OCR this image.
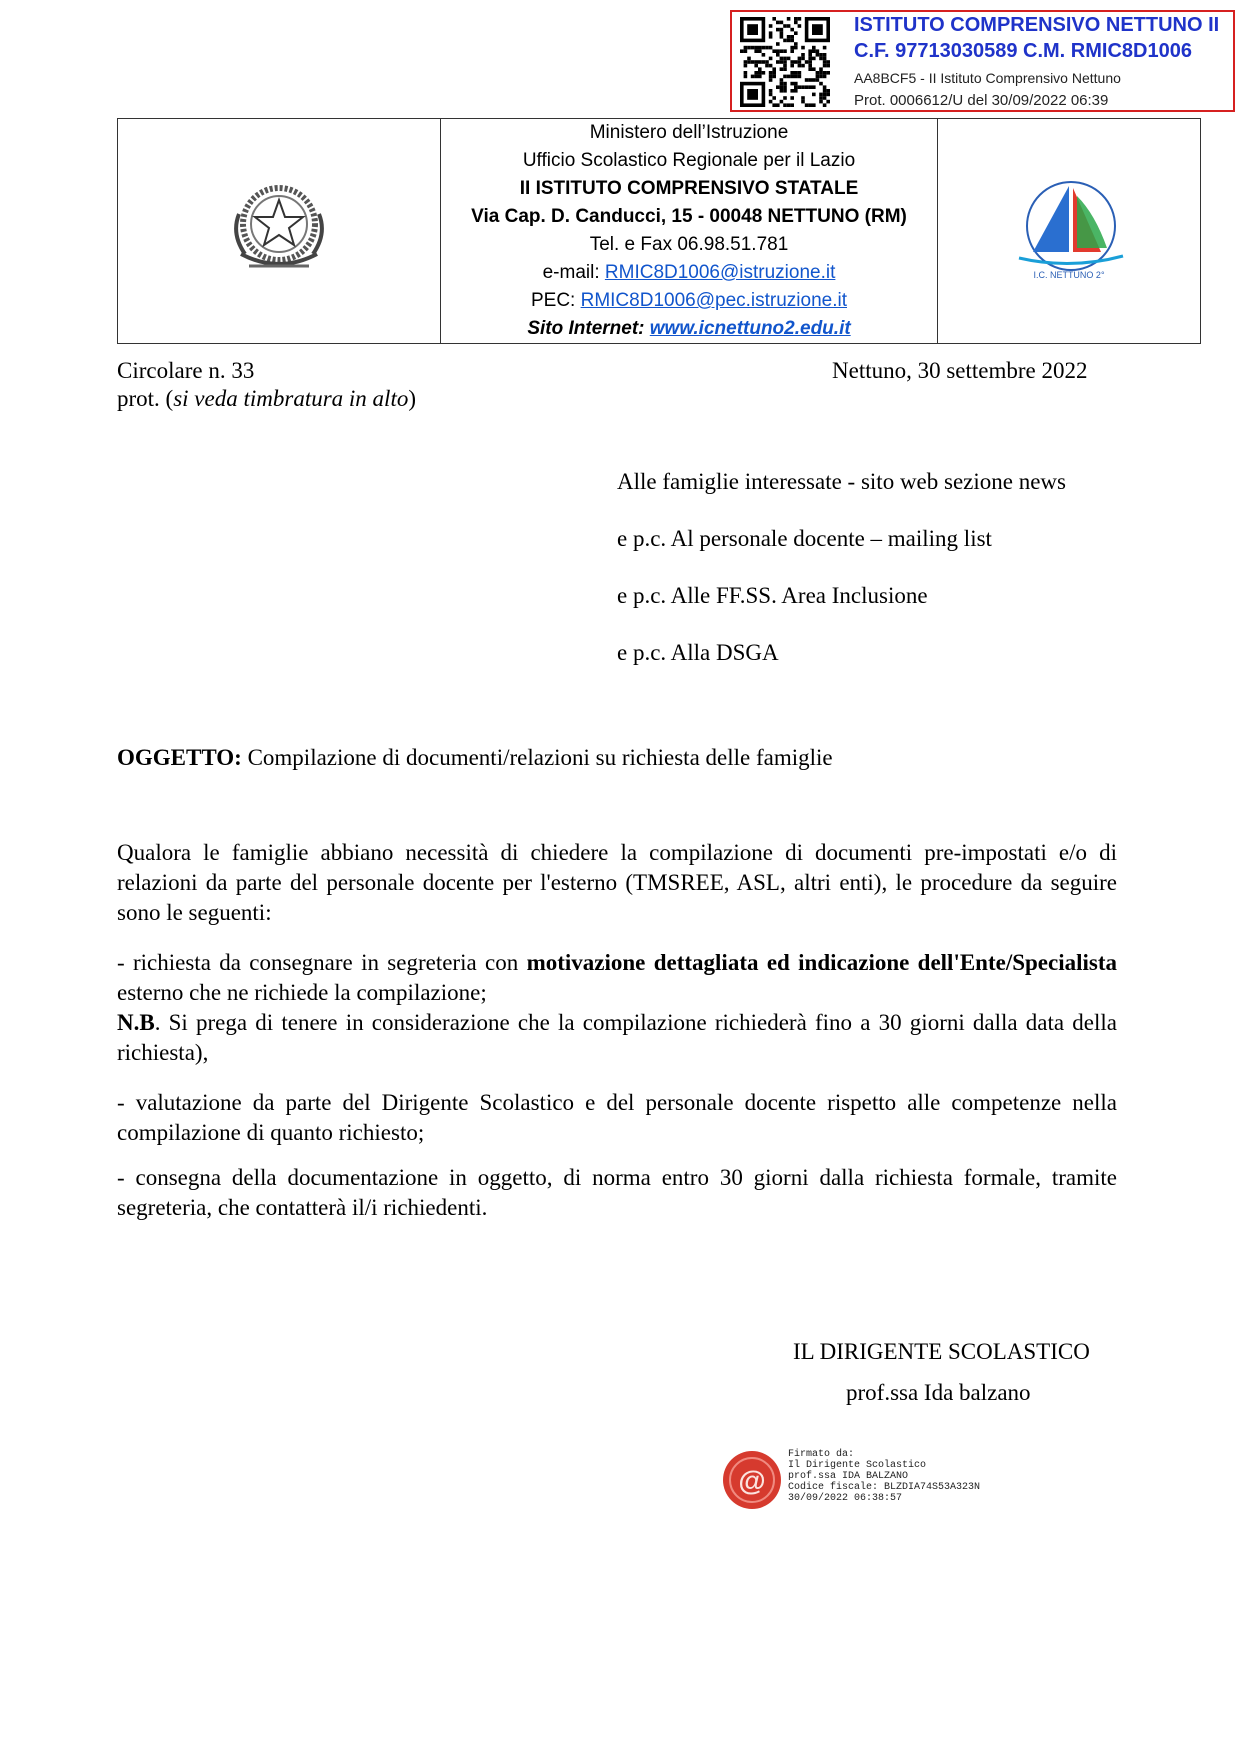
ISTITUTO COMPRENSIVO NETTUNO II
C.F. 97713030589 C.M. RMIC8D1006
AA8BCF5 - II Istituto Comprensivo Nettuno
Prot. 0006612/U del 30/09/2022 06:39

Ministero dell’Istruzione
Ufficio Scolastico Regionale per il Lazio
II ISTITUTO COMPRENSIVO STATALE
Via Cap. D. Canducci, 15 - 00048 NETTUNO (RM)
Tel. e Fax 06.98.51.781
e-mail: RMIC8D1006@istruzione.it
PEC: RMIC8D1006@pec.istruzione.it
Sito Internet: www.icnettuno2.edu.it

I.C. NETTUNO 2°
Circolare n. 33	Nettuno, 30 settembre 2022
prot. (si veda timbratura in alto)
Alle famiglie interessate - sito web sezione news
e p.c. Al personale docente – mailing list
e p.c. Alle FF.SS. Area Inclusione
e p.c. Alla DSGA
OGGETTO: Compilazione di documenti/relazioni su richiesta delle famiglie
Qualora le famiglie abbiano necessità di chiedere la compilazione di documenti pre-impostati e/o di relazioni da parte del personale docente per l'esterno (TMSREE, ASL, altri enti), le procedure da seguire sono le seguenti:
- richiesta da consegnare in segreteria con motivazione dettagliata ed indicazione dell'Ente/Specialista esterno che ne richiede la compilazione;
N.B. Si prega di tenere in considerazione che la compilazione richiederà fino a 30 giorni dalla data della richiesta),
- valutazione da parte del Dirigente Scolastico e del personale docente rispetto alle competenze nella compilazione di quanto richiesto;
- consegna della documentazione in oggetto, di norma entro 30 giorni dalla richiesta formale, tramite segreteria, che contatterà il/i richiedenti.
IL DIRIGENTE SCOLASTICO
prof.ssa Ida balzano
@
Firmato da:
Il Dirigente Scolastico
prof.ssa IDA BALZANO
Codice fiscale: BLZDIA74S53A323N
30/09/2022 06:38:57
